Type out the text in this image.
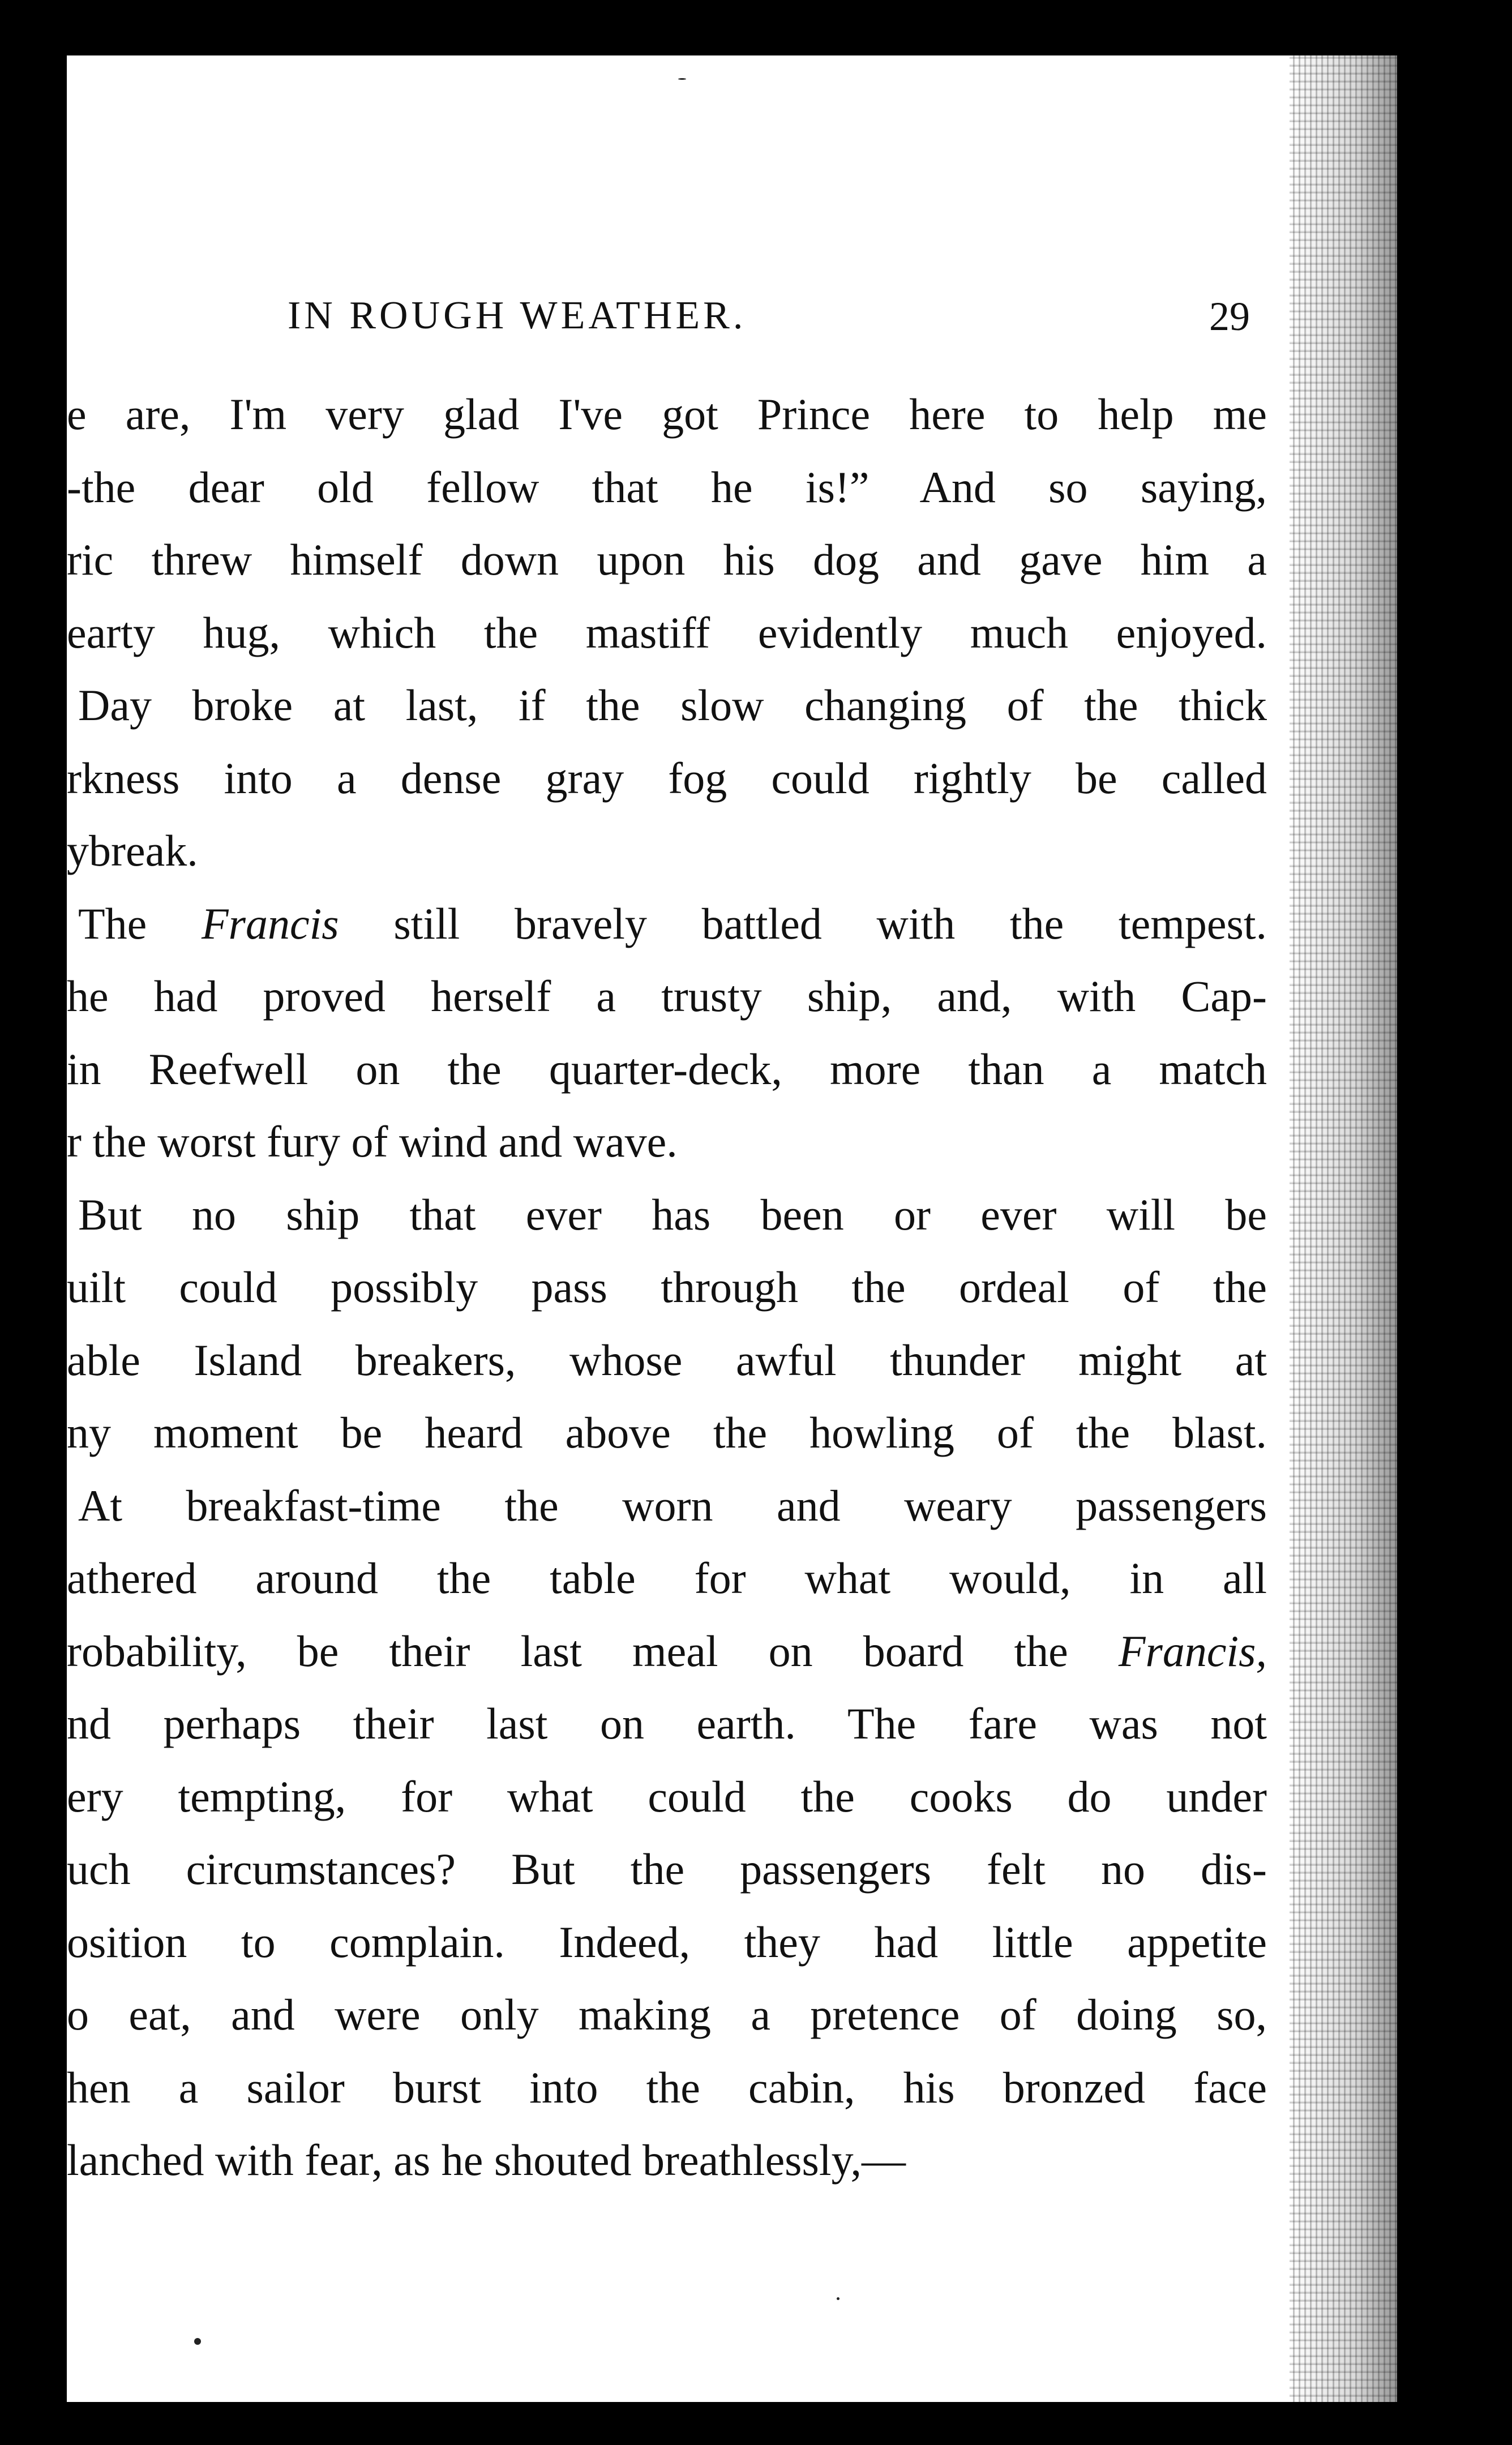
IN ROUGH WEATHER.	29
e are, I'm very glad I've got Prince here to help me
-the dear old fellow that he is!” And so saying,
ric threw himself down upon his dog and gave him a
earty hug, which the mastiff evidently much enjoyed.
Day broke at last, if the slow changing of the thick
rkness into a dense gray fog could rightly be called
ybreak.
The Francis still bravely battled with the tempest.
he had proved herself a trusty ship, and, with Cap-
in Reefwell on the quarter-deck, more than a match
r the worst fury of wind and wave.
But no ship that ever has been or ever will be
uilt could possibly pass through the ordeal of the
able Island breakers, whose awful thunder might at
ny moment be heard above the howling of the blast.
At breakfast-time the worn and weary passengers
athered around the table for what would, in all
robability, be their last meal on board the Francis,
nd perhaps their last on earth. The fare was not
ery tempting, for what could the cooks do under
uch circumstances? But the passengers felt no dis-
osition to complain. Indeed, they had little appetite
o eat, and were only making a pretence of doing so,
hen a sailor burst into the cabin, his bronzed face
lanched with fear, as he shouted breathlessly,—
